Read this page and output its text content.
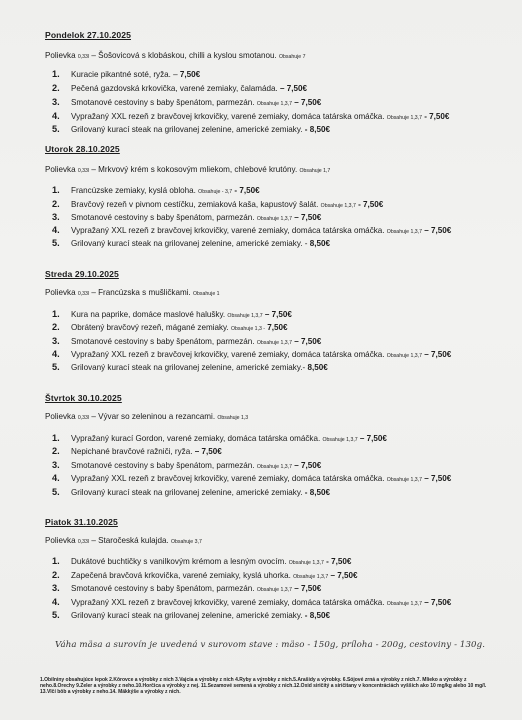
Pondelok 27.10.2025
Polievka 0,33l – Šošovicová s klobáskou, chilli a kyslou smotanou. Obsahuje 7
1. Kuracie pikantné soté, ryža. – 7,50€
2. Pečená gazdovská krkovička, varené zemiaky, čalamáda. – 7,50€
3. Smotanové cestoviny s baby špenátom, parmezán. Obsahuje 1,3,7 – 7,50€
4. Vypražaný XXL rezeň z bravčovej krkovičky, varené zemiaky, domáca tatárska omáčka. Obsahuje 1,3,7 - 7,50€
5. Grilovaný kurací steak na grilovanej zelenine, americké zemiaky. - 8,50€
Utorok 28.10.2025
Polievka 0,33l – Mrkvový krém s kokosovým mliekom, chlebové krutóny. Obsahuje 1,7
1. Francúzske zemiaky, kyslá obloha. Obsahuje - 3,7 - 7,50€
2. Bravčový rezeň v pivnom cestíčku, zemiaková kaša, kapustový šalát. Obsahuje 1,3,7 - 7,50€
3. Smotanové cestoviny s baby špenátom, parmezán. Obsahuje 1,3,7 – 7,50€
4. Vypražaný XXL rezeň z bravčovej krkovičky, varené zemiaky, domáca tatárska omáčka. Obsahuje 1,3,7 – 7,50€
5. Grilovaný kurací steak na grilovanej zelenine, americké zemiaky. - 8,50€
Streda 29.10.2025
Polievka 0,33l – Francúzska s mušličkami. Obsahuje 1
1. Kura na paprike, domáce maslové halušky. Obsahuje 1,3,7 – 7,50€
2. Obrátený bravčový rezeň, mágané zemiaky. Obsahuje 1,3 - 7,50€
3. Smotanové cestoviny s baby špenátom, parmezán. Obsahuje 1,3,7 – 7,50€
4. Vypražaný XXL rezeň z bravčovej krkovičky, varené zemiaky, domáca tatárska omáčka. Obsahuje 1,3,7 – 7,50€
5. Grilovaný kurací steak na grilovanej zelenine, americké zemiaky.- 8,50€
Štvrtok 30.10.2025
Polievka 0,33l – Vývar so zeleninou a rezancami. Obsahuje 1,3
1. Vypražaný kurací Gordon, varené zemiaky, domáca tatárska omáčka. Obsahuje 1,3,7 – 7,50€
2. Nepichané bravčové ražniči, ryža. – 7,50€
3. Smotanové cestoviny s baby špenátom, parmezán. Obsahuje 1,3,7 – 7,50€
4. Vypražaný XXL rezeň z bravčovej krkovičky, varené zemiaky, domáca tatárska omáčka. Obsahuje 1,3,7 – 7,50€
5. Grilovaný kurací steak na grilovanej zelenine, americké zemiaky. - 8,50€
Piatok 31.10.2025
Polievka 0,33l – Staročeská kulajda. Obsahuje 3,7
1. Dukátové buchtičky s vanilkovým krémom a lesným ovocím. Obsahuje 1,3,7 - 7,50€
2. Zapečená bravčová krkovička, varené zemiaky, kyslá uhorka. Obsahuje 1,3,7 – 7,50€
3. Smotanové cestoviny s baby špenátom, parmezán. Obsahuje 1,3,7 – 7,50€
4. Vypražaný XXL rezeň z bravčovej krkovičky, varené zemiaky, domáca tatárska omáčka. Obsahuje 1,3,7 – 7,50€
5. Grilovaný kurací steak na grilovanej zelenine, americké zemiaky. - 8,50€
Váha mäsa a surovín je uvedená v surovom stave : mäso - 150g, príloha - 200g, cestoviny - 130g.
1.Obilniny obsahujúce lepok 2.Kôrovce a výrobky z nich 3.Vajcia a výrobky z nich 4.Ryby a výrobky z nich.5.Arašidy a výrobky. 6.Sójové zrná a výrobky z nich.7. Mlieko a výrobky z neho.8.Orechy 9.Zeler a výrobky z neho.10.Horčica a výrobky z nej. 11.Sezamové semená a výrobky z nich.12.Oxid siričitý a siričitany v koncentráciách vyšších ako 10 mg/kg alebo 10 mg/l. 13.Vlčí bôb a výrobky z neho.14. Mäkkýše a výrobky z nich.
